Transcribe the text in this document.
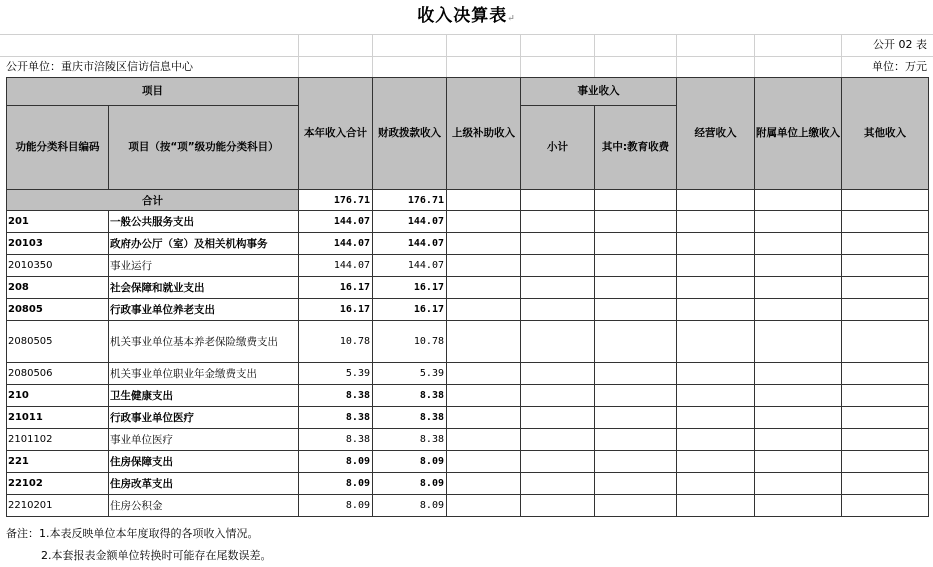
收入决算表↵
公开 02 表
公开单位：重庆市涪陵区信访信息中心	单位：万元
项目		本年收入合计	财政拨款收入	上级补助收入	事业收入		经营收入	附属单位上缴收入	其他收入
功能分类科目编码	项目（按“项”级功能分类科目）				小计	其中:教育收费			
合计		176.71	176.71						
201	一般公共服务支出	144.07	144.07						
20103	政府办公厅（室）及相关机构事务	144.07	144.07						
2010350	事业运行	144.07	144.07						
208	社会保障和就业支出	16.17	16.17						
20805	行政事业单位养老支出	16.17	16.17						
2080505	机关事业单位基本养老保险缴费支出	10.78	10.78						
2080506	机关事业单位职业年金缴费支出	5.39	5.39						
210	卫生健康支出	8.38	8.38						
21011	行政事业单位医疗	8.38	8.38						
2101102	事业单位医疗	8.38	8.38						
221	住房保障支出	8.09	8.09						
22102	住房改革支出	8.09	8.09						
2210201	住房公积金	8.09	8.09						
备注：1.本表反映单位本年度取得的各项收入情况。
2.本套报表金额单位转换时可能存在尾数误差。
